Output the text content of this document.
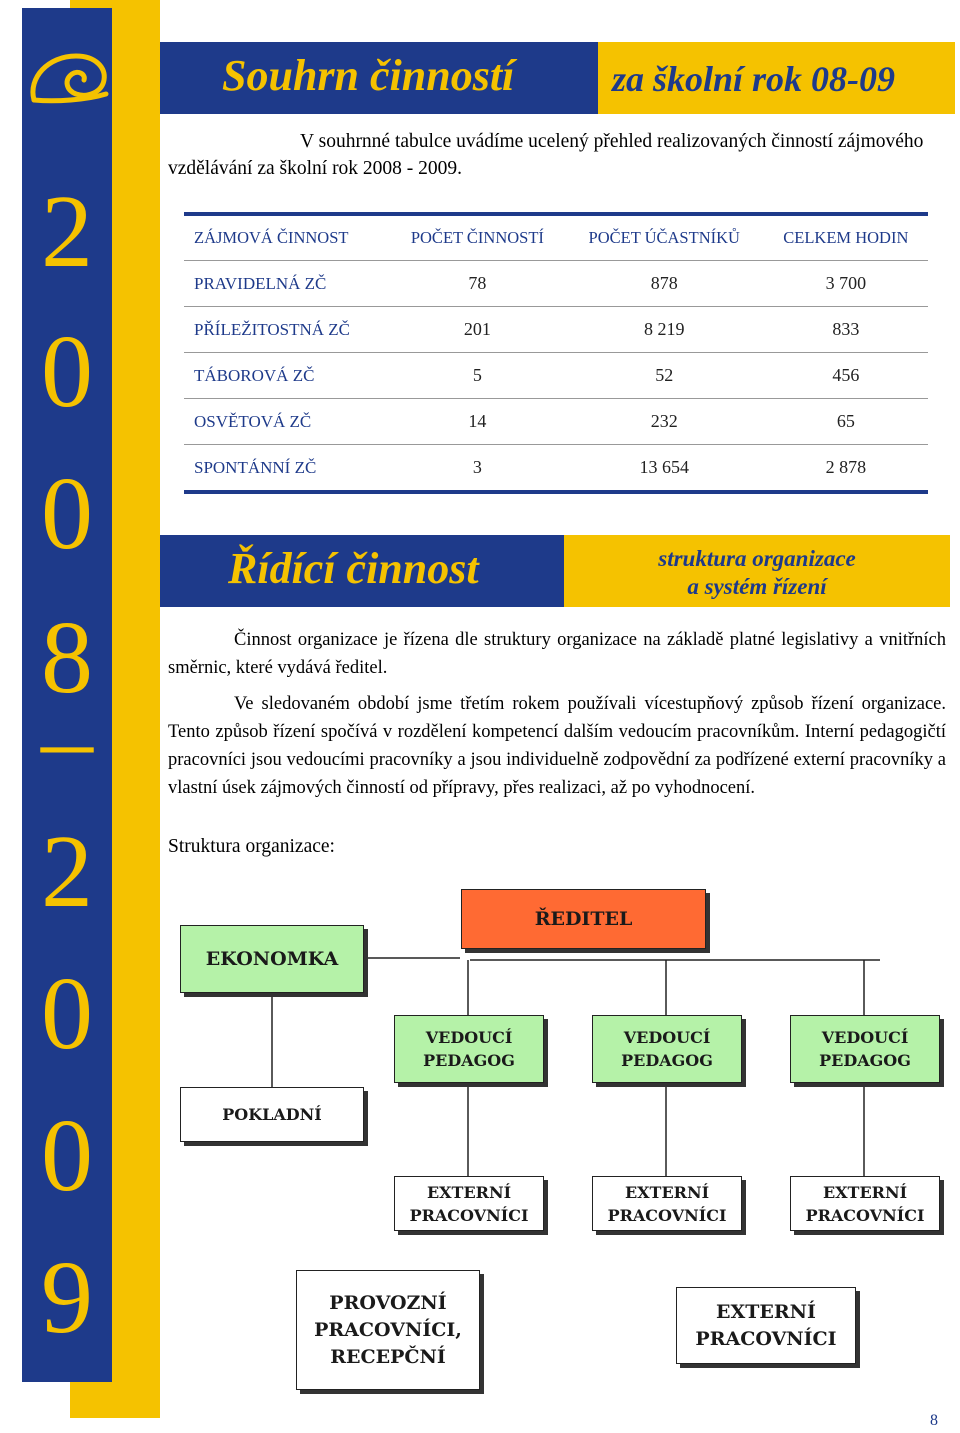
2
0
0
8
–
2
0
0
9
Souhrn činností	za školní rok 08-09

V souhrnné tabulce uvádíme ucelený přehled realizovaných činností zájmového vzdělávání za školní rok 2008 - 2009.

ZÁJMOVÁ ČINNOST	POČET ČINNOSTÍ	POČET ÚČASTNÍKŮ	CELKEM HODIN
PRAVIDELNÁ ZČ	78	878	3 700
PŘÍLEŽITOSTNÁ ZČ	201	8 219	833
TÁBOROVÁ ZČ	5	52	456
OSVĚTOVÁ ZČ	14	232	65
SPONTÁNNÍ ZČ	3	13 654	2 878
Řídící činnost	struktura organizace
a systém řízení

Činnost organizace je řízena dle struktury organizace na základě platné legislativy a vnitřních směrnic, které vydává ředitel.

Ve sledovaném období jsme třetím rokem používali vícestupňový způsob řízení organizace. Tento způsob řízení spočívá v rozdělení kompetencí dalším vedoucím pracovníkům. Interní pedagogičtí pracovníci jsou vedoucími pracovníky a jsou individuelně zodpovědní za podřízené externí pracovníky a vlastní úsek zájmových činností od přípravy, přes realizaci, až po vyhodnocení.

Struktura organizace:
ŘEDITEL
EKONOMKA
POKLADNÍ
VEDOUCÍ
PEDAGOG
VEDOUCÍ
PEDAGOG
VEDOUCÍ
PEDAGOG
EXTERNÍ
PRACOVNÍCI
EXTERNÍ
PRACOVNÍCI
EXTERNÍ
PRACOVNÍCI
PROVOZNÍ
PRACOVNÍCI,
RECEPČNÍ
EXTERNÍ
PRACOVNÍCI
8
